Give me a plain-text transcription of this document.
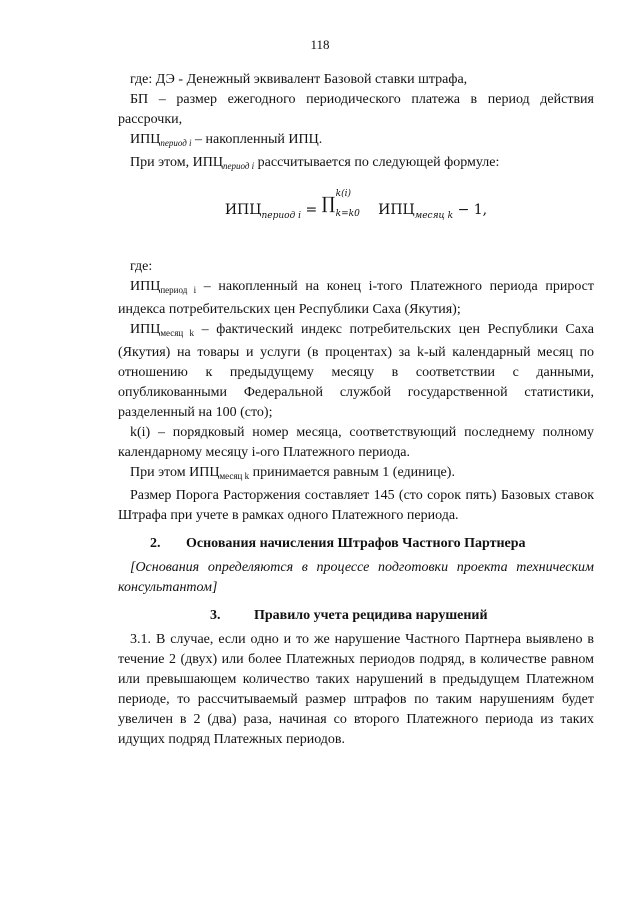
118

где: ДЭ - Денежный эквивалент Базовой ставки штрафа,

БП – размер ежегодного периодического платежа в период действия

рассрочки,

$ИПЦ_{период i}$ – накопленный ИПЦ.

При этом, $ИПЦ_{период i}$ рассчитывается по следующей формуле:

$ИПЦ_{период i}$ = ∏ k(i)
k=k0 $ИПЦ_{месяц k} - 1$,

где:

$ИПЦ_{период i}$ – накопленный на конец i-того Платежного периода прирост индекса потребительских цен Республики Саха (Якутия);

$ИПЦ_{месяц k}$ – фактический индекс потребительских цен Республики Саха (Якутия) на товары и услуги (в процентах) за k-ый календарный месяц по отношению к предыдущему месяцу в соответствии с данными, опубликованными Федеральной службой государственной статистики, разделенный на 100 (сто);

k(i) – порядковый номер месяца, соответствующий последнему полному календарному месяцу i-ого Платежного периода.

При этом $ИПЦ_{месяц k}$ принимается равным 1 (единице).

Размер Порога Расторжения составляет 145 (сто сорок пять) Базовых ставок Штрафа при учете в рамках одного Платежного периода.

2. Основания начисления Штрафов Частного Партнера

[Основания определяются в процессе подготовки проекта техническим консультантом]

3. Правило учета рецидива нарушений

3.1. В случае, если одно и то же нарушение Частного Партнера выявлено в течение 2 (двух) или более Платежных периодов подряд, в количестве равном или превышающем количество таких нарушений в предыдущем Платежном периоде, то рассчитываемый размер штрафов по таким нарушениям будет увеличен в 2 (два) раза, начиная со второго Платежного периода из таких идущих подряд Платежных периодов.
